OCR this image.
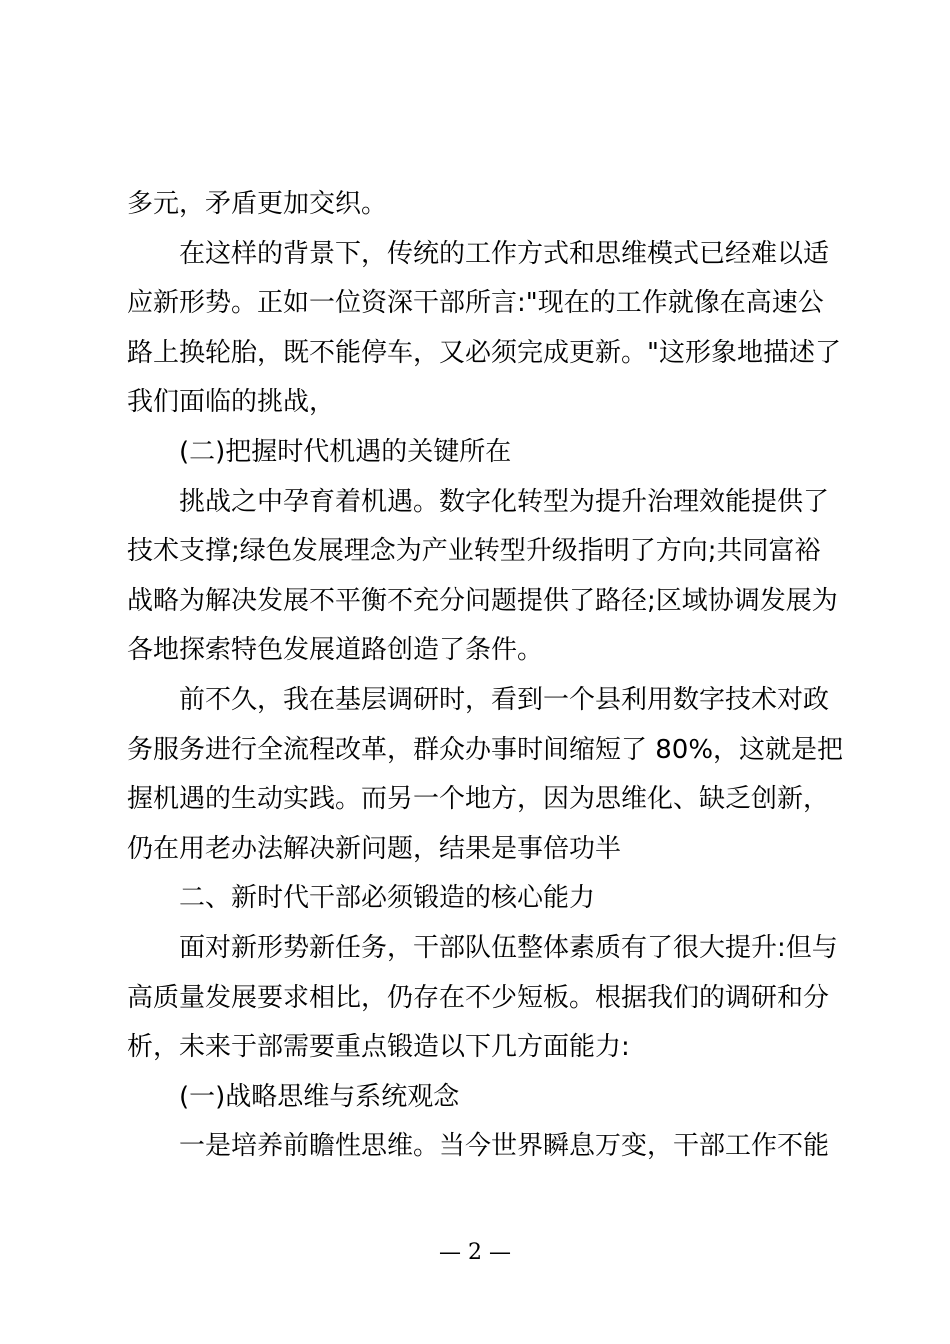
多元，矛盾更加交织。
在这样的背景下，传统的工作方式和思维模式已经难以适
应新形势。正如一位资深干部所言:"现在的工作就像在高速公
路上换轮胎，既不能停车，又必须完成更新。"这形象地描述了
我们面临的挑战，
(二)把握时代机遇的关键所在
挑战之中孕育着机遇。数字化转型为提升治理效能提供了
技术支撑;绿色发展理念为产业转型升级指明了方向;共同富裕
战略为解决发展不平衡不充分问题提供了路径;区域协调发展为
各地探索特色发展道路创造了条件。
前不久，我在基层调研时，看到一个县利用数字技术对政
务服务进行全流程改革，群众办事时间缩短了 80%，这就是把
握机遇的生动实践。而另一个地方，因为思维化、缺乏创新，
仍在用老办法解决新问题，结果是事倍功半
二、新时代干部必须锻造的核心能力
面对新形势新任务，干部队伍整体素质有了很大提升:但与
高质量发展要求相比，仍存在不少短板。根据我们的调研和分
析，未来于部需要重点锻造以下几方面能力:
(一)战略思维与系统观念
一是培养前瞻性思维。当今世界瞬息万变，干部工作不能
— 2 —
